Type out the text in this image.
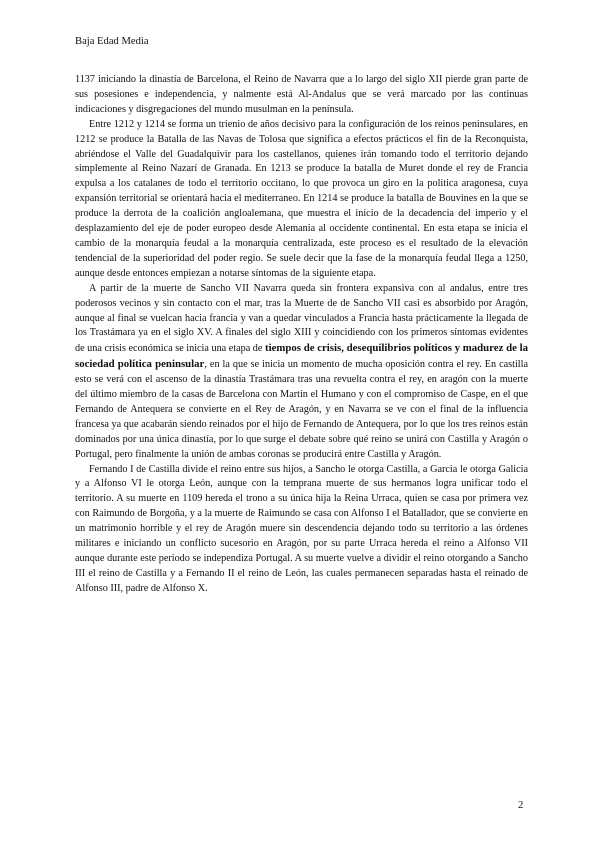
Baja Edad Media

1137 iniciando la dinastía de Barcelona, el Reino de Navarra que a lo largo del siglo XII pierde gran parte de sus posesiones e independencia, y nalmente está Al-Andalus que se verá marcado por las continuas indicaciones y disgregaciones del mundo musulman en la península.

Entre 1212 y 1214 se forma un trienio de años decisivo para la configuración de los reinos peninsulares, en 1212 se produce la Batalla de las Navas de Tolosa que significa a efectos prácticos el fin de la Reconquista, abriéndose el Valle del Guadalquivir para los castellanos, quienes irán tomando todo el territorio dejando simplemente al Reino Nazarí de Granada. En 1213 se produce la batalla de Muret donde el rey de Francia expulsa a los catalanes de todo el territorio occitano, lo que provoca un giro en la política aragonesa, cuya expansión territorial se orientará hacia el mediterraneo. En 1214 se produce la batalla de Bouvines en la que se produce la derrota de la coalición angloalemana, que muestra el inicio de la decadencia del imperio y el desplazamiento del eje de poder europeo desde Alemania al occidente continental. En esta etapa se inicia el cambio de la monarquía feudal a la monarquía centralizada, este proceso es el resultado de la elevación tendencial de la superioridad del poder regio. Se suele decir que la fase de la monarquía feudal llega a 1250, aunque desde entonces empiezan a notarse síntomas de la siguiente etapa.

A partir de la muerte de Sancho VII Navarra queda sin frontera expansiva con al andalus, entre tres poderosos vecinos y sin contacto con el mar, tras la Muerte de de Sancho VII casi es absorbido por Aragón, aunque al final se vuelcan hacia francia y van a quedar vinculados a Francia hasta prácticamente la llegada de los Trastámara ya en el siglo XV. A finales del siglo XIII y coincidiendo con los primeros síntomas evidentes de una crisis económica se inicia una etapa de tiempos de crisis, desequilibrios políticos y madurez de la sociedad política peninsular, en la que se inicia un momento de mucha oposición contra el rey. En castilla esto se verá con el ascenso de la dinastía Trastámara tras una revuelta contra el rey, en aragón con la muerte del último miembro de la casas de Barcelona con Martín el Humano y con el compromiso de Caspe, en el que Fernando de Antequera se convierte en el Rey de Aragón, y en Navarra se ve con el final de la influencia francesa ya que acabarán siendo reinados por el hijo de Fernando de Antequera, por lo que los tres reinos están dominados por una única dinastía, por lo que surge el debate sobre qué reino se unirá con Castilla y Aragón o Portugal, pero finalmente la unión de ambas coronas se producirá entre Castilla y Aragón.

Fernando I de Castilla divide el reino entre sus hijos, a Sancho le otorga Castilla, a Garcia le otorga Galicia y a Alfonso VI le otorga León, aunque con la temprana muerte de sus hermanos logra unificar todo el territorio. A su muerte en 1109 hereda el trono a su única hija la Reina Urraca, quien se casa por primera vez con Raimundo de Borgoña, y a la muerte de Raimundo se casa con Alfonso I el Batallador, que se convierte en un matrimonio horrible y el rey de Aragón muere sin descendencia dejando todo su territorio a las órdenes militares e iniciando un conflicto sucesorio en Aragón, por su parte Urraca hereda el reino a Alfonso VII aunque durante este periodo se independiza Portugal. A su muerte vuelve a dividir el reino otorgando a Sancho III el reino de Castilla y a Fernando II el reino de León, las cuales permanecen separadas hasta el reinado de Alfonso III, padre de Alfonso X.

2
